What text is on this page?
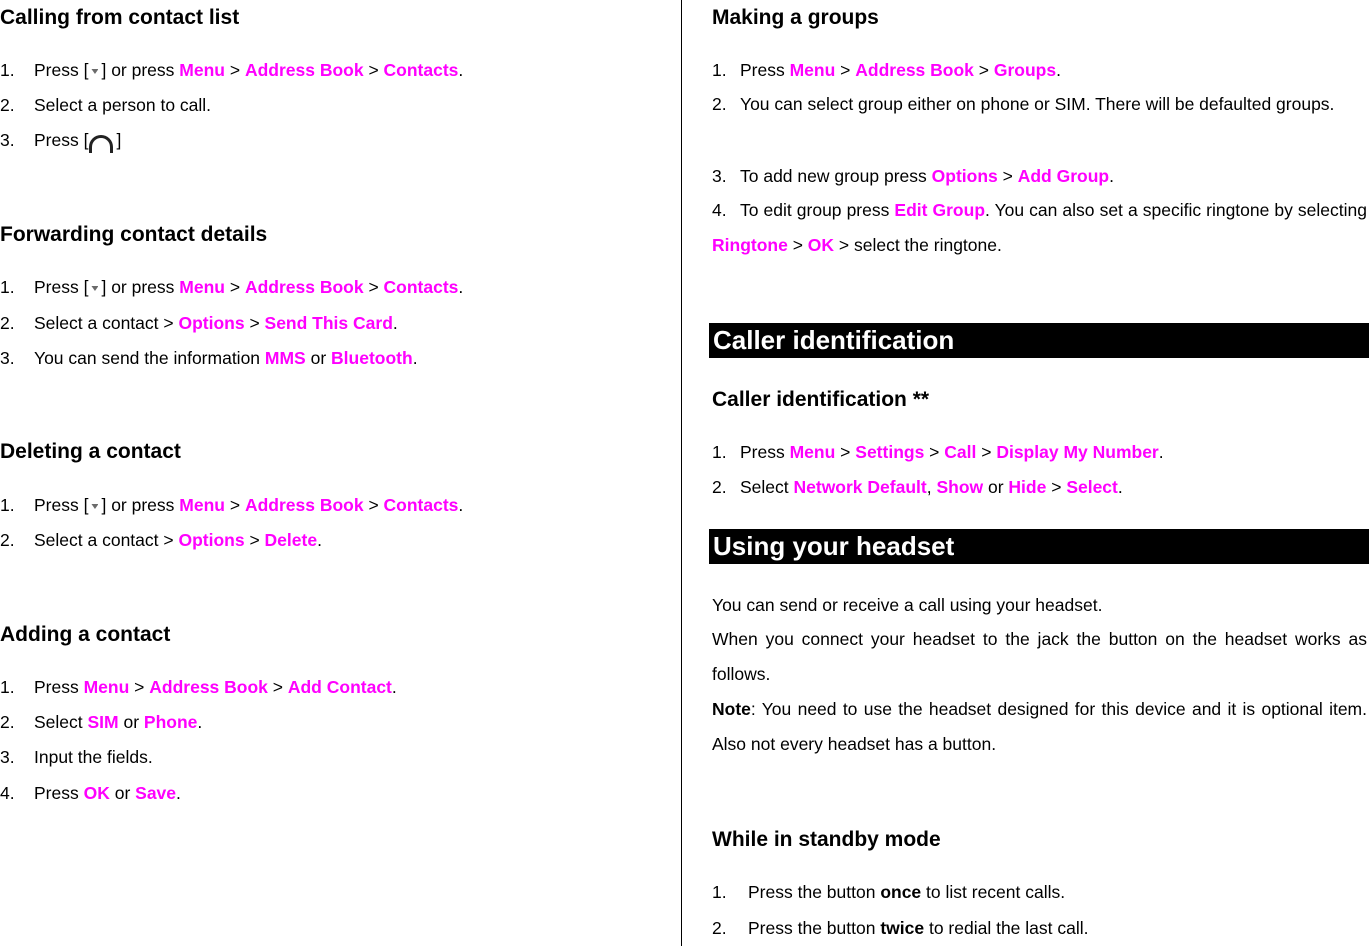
Calling from contact list
1. Press [ ] or press Menu > Address Book > Contacts.
2. Select a person to call.
3. Press [ ]
Forwarding contact details
1. Press [ ] or press Menu > Address Book > Contacts.
2. Select a contact > Options > Send This Card.
3. You can send the information MMS or Bluetooth.
Deleting a contact
1. Press [ ] or press Menu > Address Book > Contacts.
2. Select a contact > Options > Delete.
Adding a contact
1. Press Menu > Address Book > Add Contact.
2. Select SIM or Phone.
3. Input the fields.
4. Press OK or Save.
Making a groups
1. Press Menu > Address Book > Groups.
2. You can select group either on phone or SIM. There will be defaulted groups.
3. To add new group press Options > Add Group.
4. To edit group press Edit Group. You can also set a specific ringtone by selecting Ringtone > OK > select the ringtone.
Caller identification
Caller identification **
1. Press Menu > Settings > Call > Display My Number.
2. Select Network Default, Show or Hide > Select.
Using your headset
You can send or receive a call using your headset.
When you connect your headset to the jack the button on the headset works as follows.
Note: You need to use the headset designed for this device and it is optional item. Also not every headset has a button.
While in standby mode
1. Press the button once to list recent calls.
2. Press the button twice to redial the last call.
